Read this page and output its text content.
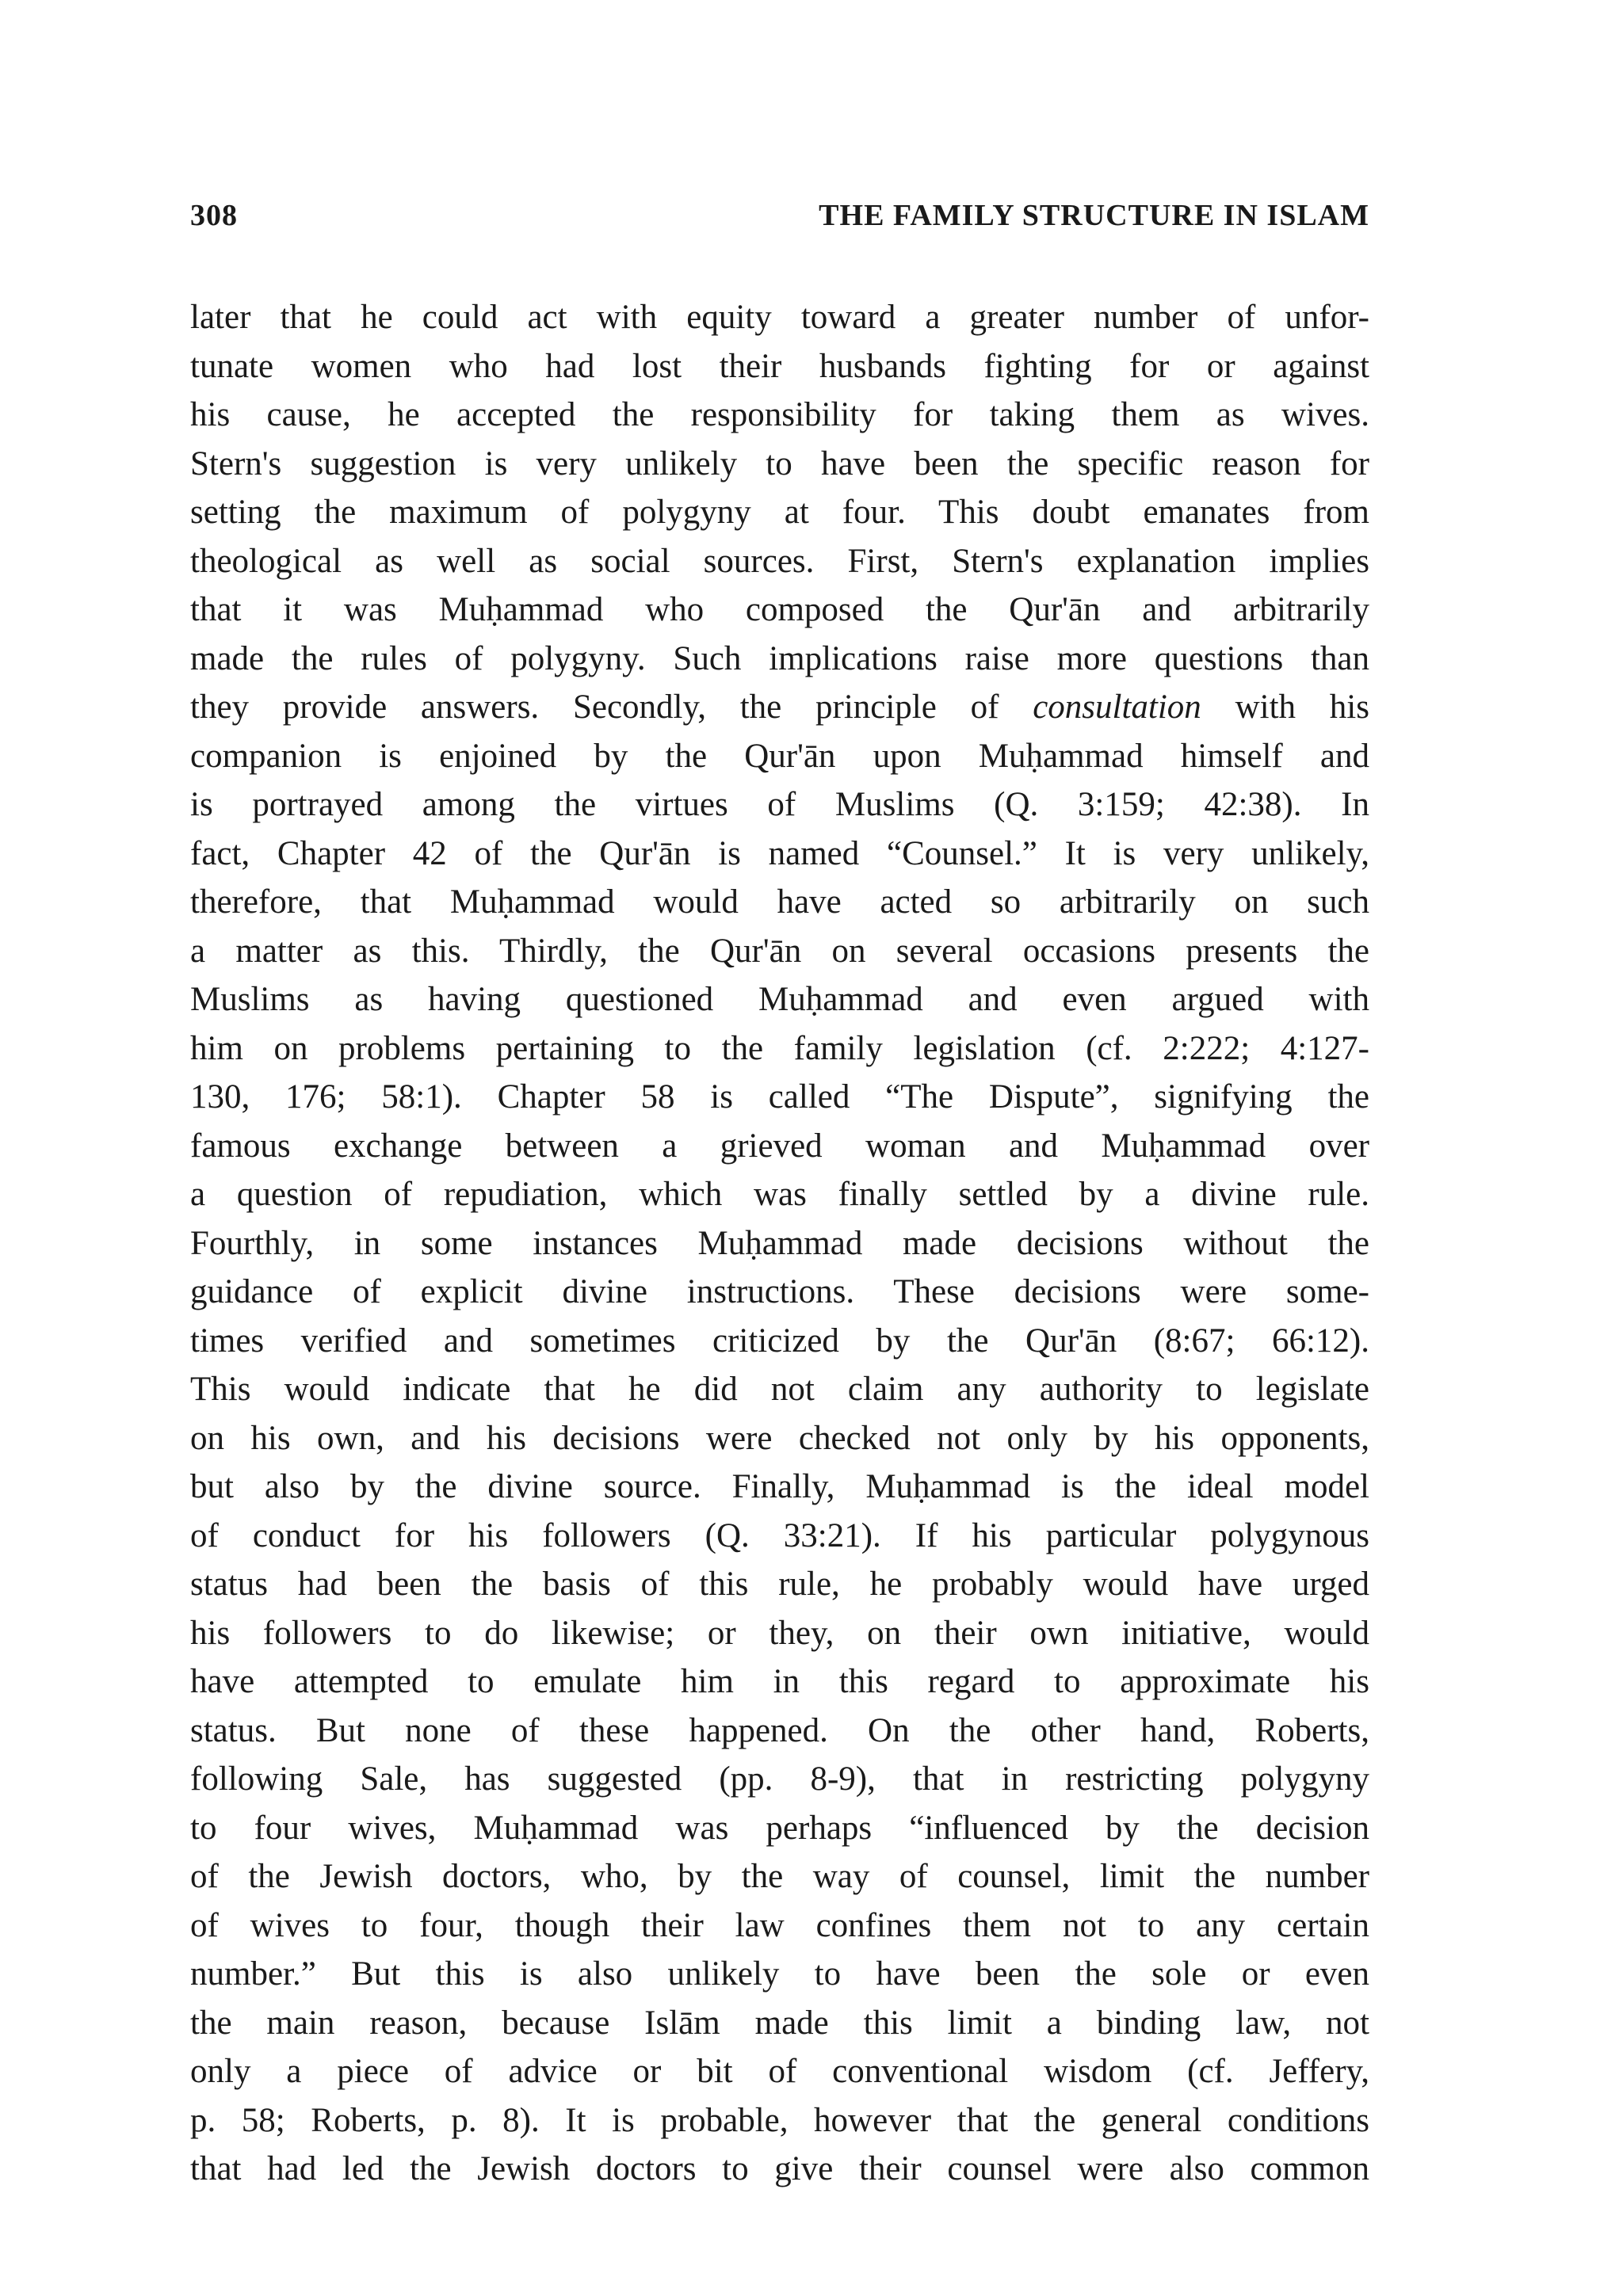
308	THE FAMILY STRUCTURE IN ISLAM
later that he could act with equity toward a greater number of unfor-
tunate women who had lost their husbands fighting for or against
his cause, he accepted the responsibility for taking them as wives.
Stern's suggestion is very unlikely to have been the specific reason for
setting the maximum of polygyny at four. This doubt emanates from
theological as well as social sources. First, Stern's explanation implies
that it was Muḥammad who composed the Qur'ān and arbitrarily
made the rules of polygyny. Such implications raise more questions than
they provide answers. Secondly, the principle of consultation with his
companion is enjoined by the Qur'ān upon Muḥammad himself and
is portrayed among the virtues of Muslims (Q. 3:159; 42:38). In
fact, Chapter 42 of the Qur'ān is named “Counsel.” It is very unlikely,
therefore, that Muḥammad would have acted so arbitrarily on such
a matter as this. Thirdly, the Qur'ān on several occasions presents the
Muslims as having questioned Muḥammad and even argued with
him on problems pertaining to the family legislation (cf. 2:222; 4:127-
130, 176; 58:1). Chapter 58 is called “The Dispute”, signifying the
famous exchange between a grieved woman and Muḥammad over
a question of repudiation, which was finally settled by a divine rule.
Fourthly, in some instances Muḥammad made decisions without the
guidance of explicit divine instructions. These decisions were some-
times verified and sometimes criticized by the Qur'ān (8:67; 66:12).
This would indicate that he did not claim any authority to legislate
on his own, and his decisions were checked not only by his opponents,
but also by the divine source. Finally, Muḥammad is the ideal model
of conduct for his followers (Q. 33:21). If his particular polygynous
status had been the basis of this rule, he probably would have urged
his followers to do likewise; or they, on their own initiative, would
have attempted to emulate him in this regard to approximate his
status. But none of these happened. On the other hand, Roberts,
following Sale, has suggested (pp. 8-9), that in restricting polygyny
to four wives, Muḥammad was perhaps “influenced by the decision
of the Jewish doctors, who, by the way of counsel, limit the number
of wives to four, though their law confines them not to any certain
number.” But this is also unlikely to have been the sole or even
the main reason, because Islām made this limit a binding law, not
only a piece of advice or bit of conventional wisdom (cf. Jeffery,
p. 58; Roberts, p. 8). It is probable, however that the general conditions
that had led the Jewish doctors to give their counsel were also common
